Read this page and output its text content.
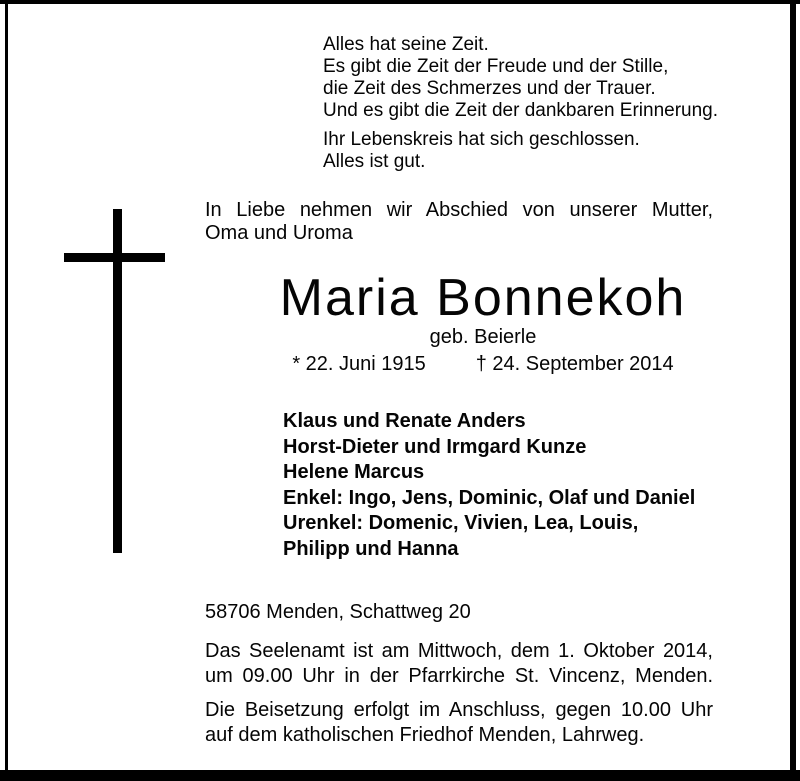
Alles hat seine Zeit.
Es gibt die Zeit der Freude und der Stille,
die Zeit des Schmerzes und der Trauer.
Und es gibt die Zeit der dankbaren Erinnerung.
Ihr Lebenskreis hat sich geschlossen.
Alles ist gut.
In Liebe nehmen wir Abschied von unserer Mutter,
Oma und Uroma
Maria Bonnekoh
geb. Beierle
* 22. Juni 1915	† 24. September 2014
Klaus und Renate Anders
Horst-Dieter und Irmgard Kunze
Helene Marcus
Enkel: Ingo, Jens, Dominic, Olaf und Daniel
Urenkel: Domenic, Vivien, Lea, Louis,
Philipp und Hanna
58706 Menden, Schattweg 20
Das Seelenamt ist am Mittwoch, dem 1. Oktober 2014,
um 09.00 Uhr in der Pfarrkirche St. Vincenz, Menden.
Die Beisetzung erfolgt im Anschluss, gegen 10.00 Uhr
auf dem katholischen Friedhof Menden, Lahrweg.
